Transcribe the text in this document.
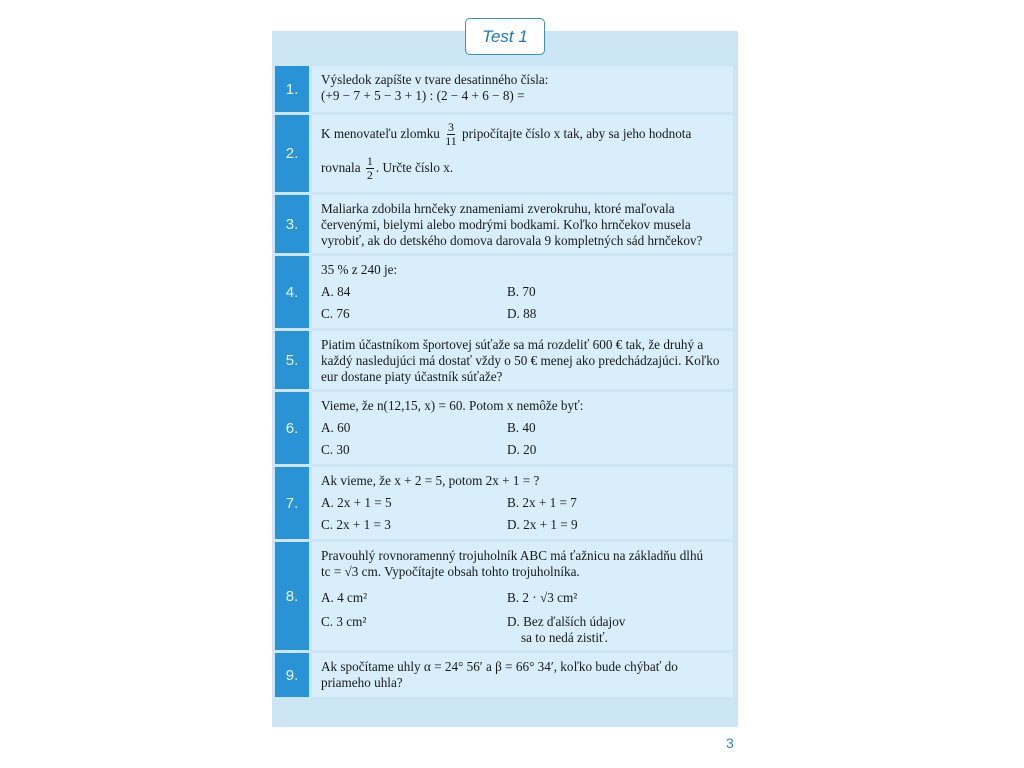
Test 1
1.
Výsledok zapíšte v tvare desatinného čísla:
(+9 − 7 + 5 − 3 + 1) : (2 − 4 + 6 − 8) =
2.
K menovateľu zlomku $\frac{3}{11}$ pripočítajte číslo x tak, aby sa jeho hodnota
rovnala $\frac{1}{2}$ . Určte číslo x.
3.
Maliarka zdobila hrnčeky znameniami zverokruhu, ktoré maľovala červenými, bielymi alebo modrými bodkami. Koľko hrnčekov musela vyrobiť, ak do detského domova darovala 9 kompletných sád hrnčekov?
4.
35 % z 240 je:
A. 84	B. 70
C. 76	D. 88
5.
Piatim účastníkom športovej súťaže sa má rozdeliť 600 € tak, že druhý a každý nasledujúci má dostať vždy o 50 € menej ako predchádzajúci. Koľko eur dostane piaty účastník súťaže?
6.
Vieme, že n(12,15, x) = 60. Potom x nemôže byť:
A. 60	B. 40
C. 30	D. 20
7.
Ak vieme, že x + 2 = 5, potom 2x + 1 = ?
A. 2x + 1 = 5	B. 2x + 1 = 7
C. 2x + 1 = 3	D. 2x + 1 = 9
8.
Pravouhlý rovnoramenný trojuholník ABC má ťažnicu na základňu dlhú
tc = √3 cm. Vypočítajte obsah tohto trojuholníka.
A. 4 cm²	B. 2 · √3 cm²
C. 3 cm²	D. Bez ďalších údajov
sa to nedá zistiť.
9.	Ak spočítame uhly α = 24° 56′ a β = 66° 34′, koľko bude chýbať do priameho uhla?
3
